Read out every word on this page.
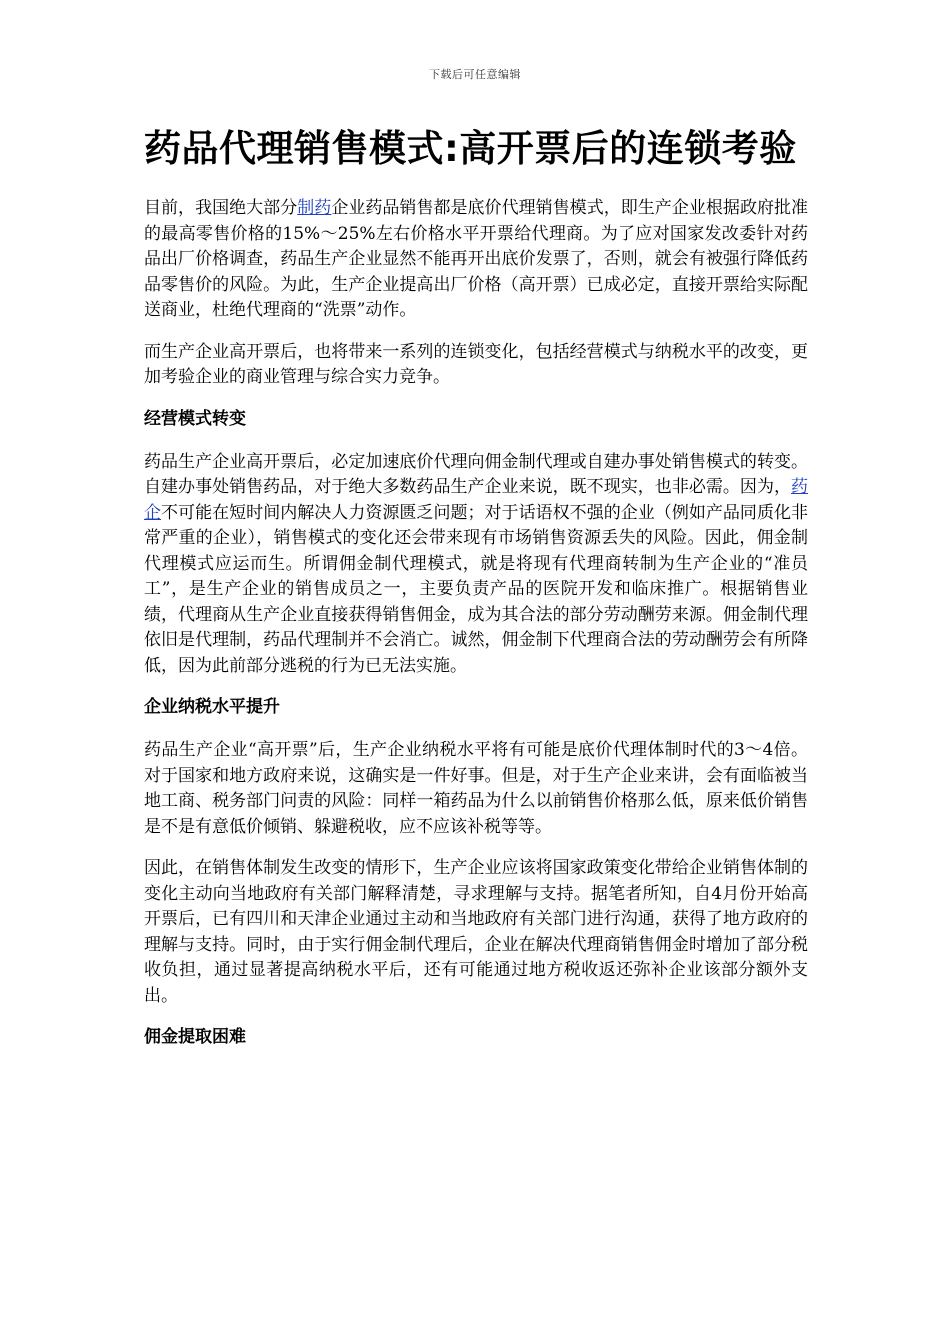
下载后可任意编辑
药品代理销售模式:高开票后的连锁考验

目前，我国绝大部分制药企业药品销售都是底价代理销售模式，即生产企业根据政府批准的最高零售价格的15%～25%左右价格水平开票给代理商。为了应对国家发改委针对药品出厂价格调查，药品生产企业显然不能再开出底价发票了，否则，就会有被强行降低药品零售价的风险。为此，生产企业提高出厂价格（高开票）已成必定，直接开票给实际配送商业，杜绝代理商的“洗票”动作。

而生产企业高开票后，也将带来一系列的连锁变化，包括经营模式与纳税水平的改变，更加考验企业的商业管理与综合实力竞争。

经营模式转变

药品生产企业高开票后，必定加速底价代理向佣金制代理或自建办事处销售模式的转变。自建办事处销售药品，对于绝大多数药品生产企业来说，既不现实，也非必需。因为，药企不可能在短时间内解决人力资源匮乏问题；对于话语权不强的企业（例如产品同质化非常严重的企业），销售模式的变化还会带来现有市场销售资源丢失的风险。因此，佣金制代理模式应运而生。所谓佣金制代理模式，就是将现有代理商转制为生产企业的“准员工”，是生产企业的销售成员之一，主要负责产品的医院开发和临床推广。根据销售业绩，代理商从生产企业直接获得销售佣金，成为其合法的部分劳动酬劳来源。佣金制代理依旧是代理制，药品代理制并不会消亡。诚然，佣金制下代理商合法的劳动酬劳会有所降低，因为此前部分逃税的行为已无法实施。

企业纳税水平提升

药品生产企业“高开票”后，生产企业纳税水平将有可能是底价代理体制时代的3～4倍。对于国家和地方政府来说，这确实是一件好事。但是，对于生产企业来讲，会有面临被当地工商、税务部门问责的风险：同样一箱药品为什么以前销售价格那么低，原来低价销售是不是有意低价倾销、躲避税收，应不应该补税等等。

因此，在销售体制发生改变的情形下，生产企业应该将国家政策变化带给企业销售体制的变化主动向当地政府有关部门解释清楚，寻求理解与支持。据笔者所知，自4月份开始高开票后，已有四川和天津企业通过主动和当地政府有关部门进行沟通，获得了地方政府的理解与支持。同时，由于实行佣金制代理后，企业在解决代理商销售佣金时增加了部分税收负担，通过显著提高纳税水平后，还有可能通过地方税收返还弥补企业该部分额外支出。

佣金提取困难
